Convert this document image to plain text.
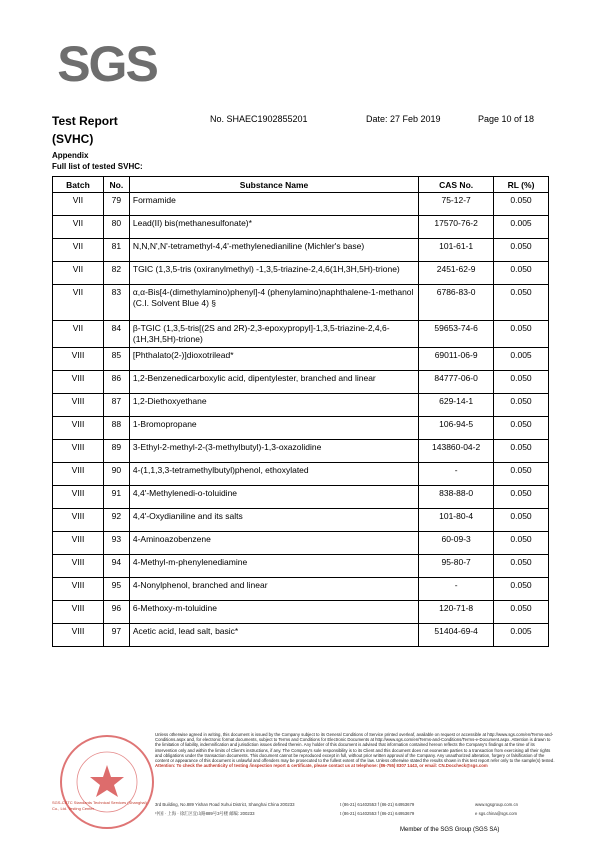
SGS
Test Report
(SVHC)
No. SHAEC1902855201	Date: 27 Feb 2019	Page 10 of 18
Appendix
Full list of tested SVHC:
Batch	No.	Substance Name	CAS No.	RL (%)
VII	79	Formamide	75-12-7	0.050
VII	80	Lead(II) bis(methanesulfonate)*	17570-76-2	0.005
VII	81	N,N,N',N'-tetramethyl-4,4'-methylenedianiline (Michler's base)	101-61-1	0.050
VII	82	TGIC (1,3,5-tris (oxiranylmethyl) -1,3,5-triazine-2,4,6(1H,3H,5H)-trione)	2451-62-9	0.050
VII	83	α,α-Bis[4-(dimethylamino)phenyl]-4 (phenylamino)naphthalene-1-methanol (C.I. Solvent Blue 4) §	6786-83-0	0.050
VII	84	β-TGIC (1,3,5-tris[(2S and 2R)-2,3-epoxypropyl]-1,3,5-triazine-2,4,6-(1H,3H,5H)-trione)	59653-74-6	0.050
VIII	85	[Phthalato(2-)]dioxotrilead*	69011-06-9	0.005
VIII	86	1,2-Benzenedicarboxylic acid, dipentylester, branched and linear	84777-06-0	0.050
VIII	87	1,2-Diethoxyethane	629-14-1	0.050
VIII	88	1-Bromopropane	106-94-5	0.050
VIII	89	3-Ethyl-2-methyl-2-(3-methylbutyl)-1,3-oxazolidine	143860-04-2	0.050
VIII	90	4-(1,1,3,3-tetramethylbutyl)phenol, ethoxylated	-	0.050
VIII	91	4,4'-Methylenedi-o-toluidine	838-88-0	0.050
VIII	92	4,4'-Oxydianiline and its salts	101-80-4	0.050
VIII	93	4-Aminoazobenzene	60-09-3	0.050
VIII	94	4-Methyl-m-phenylenediamine	95-80-7	0.050
VIII	95	4-Nonylphenol, branched and linear	-	0.050
VIII	96	6-Methoxy-m-toluidine	120-71-8	0.050
VIII	97	Acetic acid, lead salt, basic*	51404-69-4	0.005
SGS-CSTC Standards Technical Services (Shanghai) Co., Ltd. Testing Center
Unless otherwise agreed in writing, this document is issued by the Company subject to its General Conditions of Service printed overleaf, available on request or accessible at http://www.sgs.com/en/Terms-and-Conditions.aspx and, for electronic format documents, subject to Terms and Conditions for Electronic Documents at http://www.sgs.com/en/Terms-and-Conditions/Terms-e-Document.aspx. Attention is drawn to the limitation of liability, indemnification and jurisdiction issues defined therein. Any holder of this document is advised that information contained hereon reflects the Company's findings at the time of its intervention only and within the limits of Client's instructions, if any. The Company's sole responsibility is to its Client and this document does not exonerate parties to a transaction from exercising all their rights and obligations under the transaction documents. This document cannot be reproduced except in full, without prior written approval of the Company. Any unauthorized alteration, forgery or falsification of the content or appearance of this document is unlawful and offenders may be prosecuted to the fullest extent of the law. Unless otherwise stated the results shown in this test report refer only to the sample(s) tested.
Attention: To check the authenticity of testing /inspection report & certificate, please contact us at telephone: (86-755) 8307 1443, or email: CN.Doccheck@sgs.com
3rd Building, No.889 Yishan Road Xuhui District, Shanghai China 200233
中国 · 上海 · 徐汇区宜山路889号3号楼 邮编: 200233
t (86-21) 61402553 f (86-21) 64953679
t (86-21) 61402553 f (86-21) 64953679
www.sgsgroup.com.cn
e sgs.china@sgs.com
Member of the SGS Group (SGS SA)
